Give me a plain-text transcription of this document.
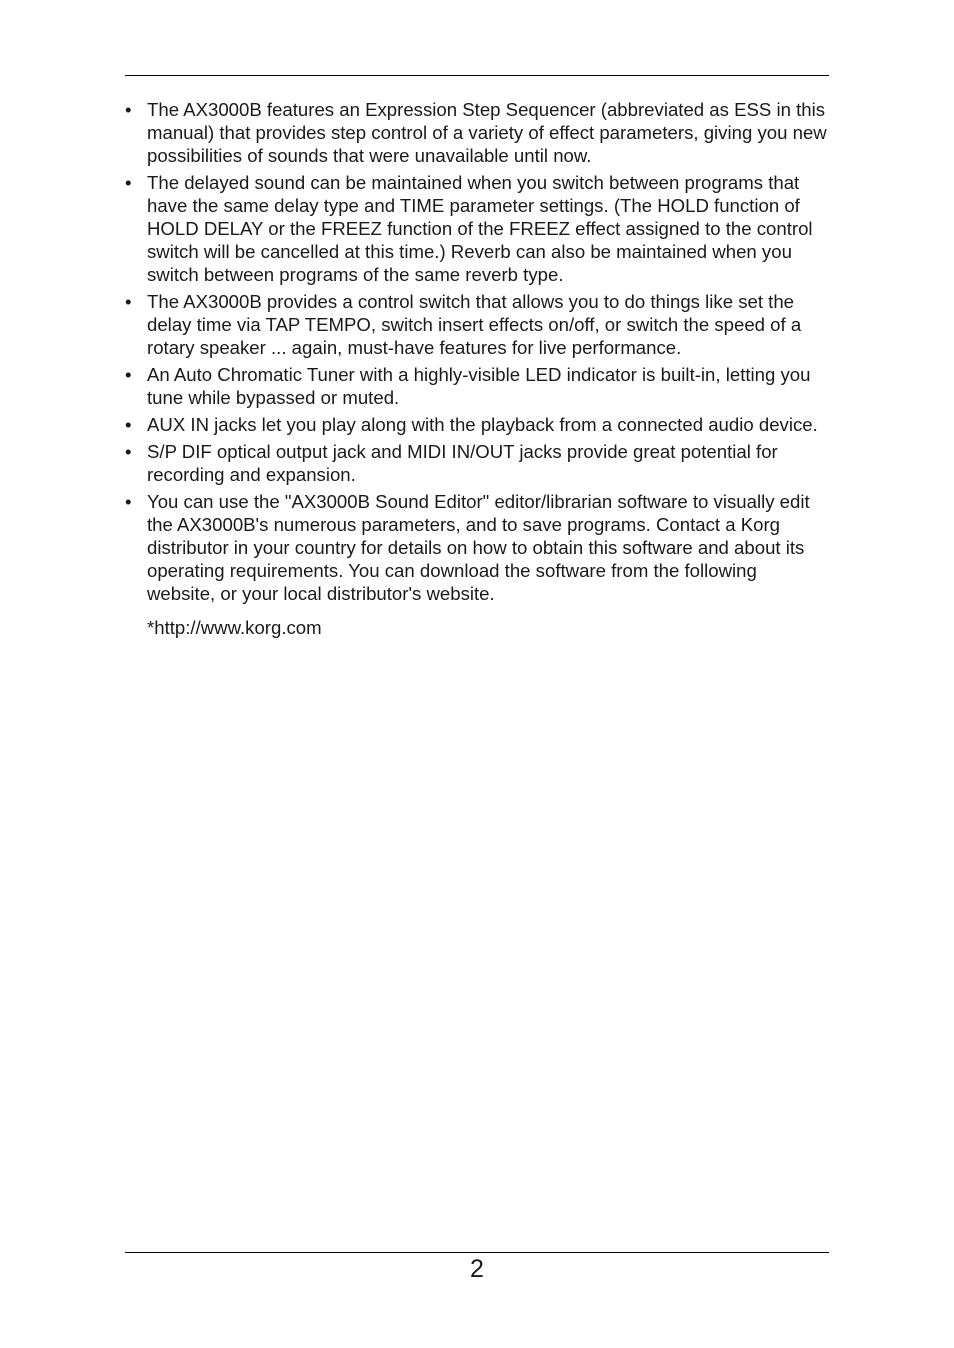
• The AX3000B features an Expression Step Sequencer (abbreviated as ESS in this manual) that provides step control of a variety of effect parameters, giving you new possibilities of sounds that were unavailable until now.
• The delayed sound can be maintained when you switch between programs that have the same delay type and TIME parameter settings. (The HOLD function of HOLD DELAY or the FREEZ function of the FREEZ effect assigned to the control switch will be cancelled at this time.) Reverb can also be maintained when you switch between programs of the same reverb type.
• The AX3000B provides a control switch that allows you to do things like set the delay time via TAP TEMPO, switch insert effects on/off, or switch the speed of a rotary speaker ... again, must-have features for live performance.
• An Auto Chromatic Tuner with a highly-visible LED indicator is built-in, letting you tune while bypassed or muted.
• AUX IN jacks let you play along with the playback from a connected audio device.
• S/P DIF optical output jack and MIDI IN/OUT jacks provide great potential for recording and expansion.
• You can use the "AX3000B Sound Editor" editor/librarian software to visually edit the AX3000B's numerous parameters, and to save programs. Contact a Korg distributor in your country for details on how to obtain this software and about its operating requirements. You can download the software from the following website, or your local distributor's website.
*http://www.korg.com
2
